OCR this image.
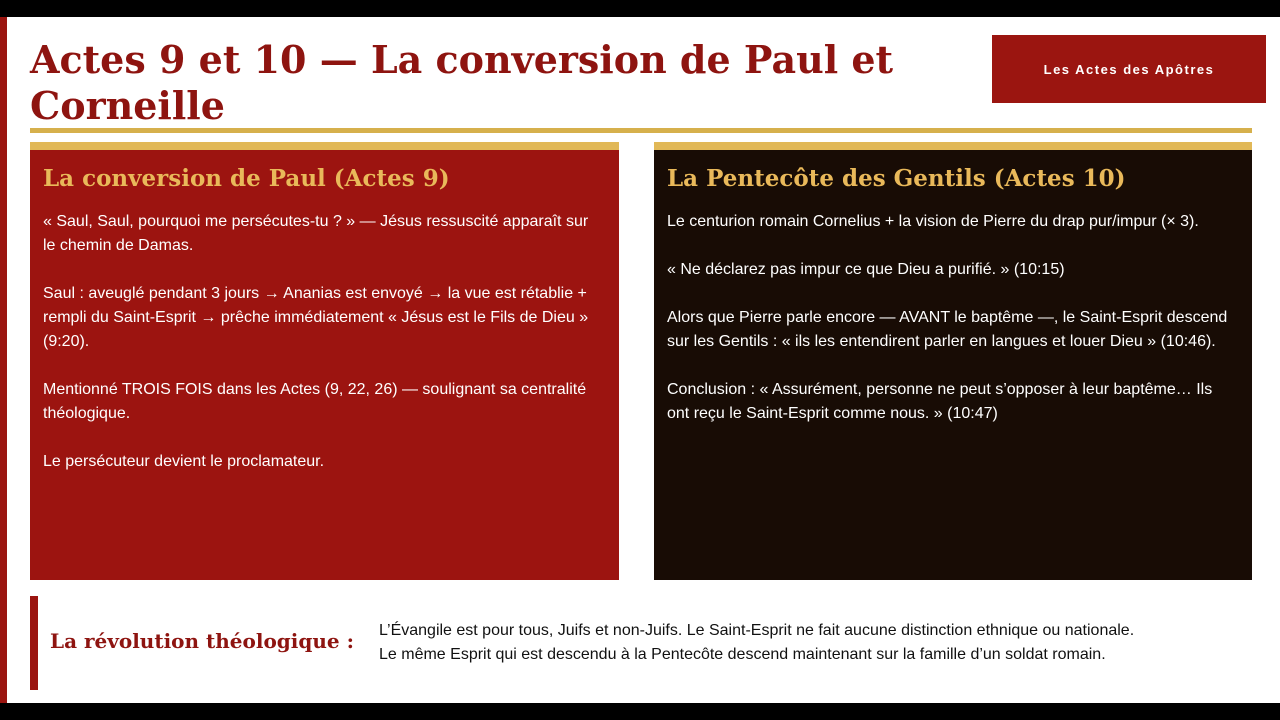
Actes 9 et 10 — La conversion de Paul et Corneille
Les Actes des Apôtres
La conversion de Paul (Actes 9)

« Saul, Saul, pourquoi me persécutes-tu ? » — Jésus ressuscité apparaît sur le chemin de Damas.

Saul : aveuglé pendant 3 jours → Ananias est envoyé → la vue est rétablie + rempli du Saint-Esprit → prêche immédiatement « Jésus est le Fils de Dieu » (9:20).

Mentionné TROIS FOIS dans les Actes (9, 22, 26) — soulignant sa centralité théologique.

Le persécuteur devient le proclamateur.

La Pentecôte des Gentils (Actes 10)

Le centurion romain Cornelius + la vision de Pierre du drap pur/impur (× 3).

« Ne déclarez pas impur ce que Dieu a purifié. » (10:15)

Alors que Pierre parle encore — AVANT le baptême —, le Saint-Esprit descend sur les Gentils : « ils les entendirent parler en langues et louer Dieu » (10:46).

Conclusion : « Assurément, personne ne peut s’opposer à leur baptême… Ils ont reçu le Saint-Esprit comme nous. » (10:47)

La révolution théologique :	L’Évangile est pour tous, Juifs et non-Juifs. Le Saint-Esprit ne fait aucune distinction ethnique ou nationale.
Le même Esprit qui est descendu à la Pentecôte descend maintenant sur la famille d’un soldat romain.
